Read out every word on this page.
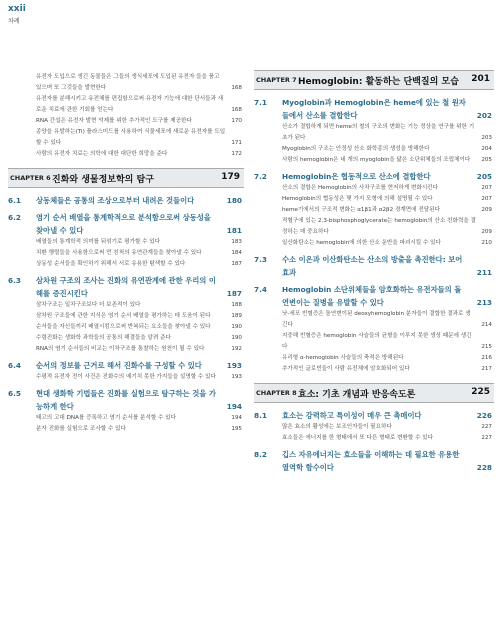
xxii
차례
유전자 도입으로 생긴 동물들은 그들의 생식세포에 도입된 유전자 들을 품고 있으며 또 그것들을 발현한다	168
유전자를 분해시키고 유전체를 편집함으로써 유전자 기능에 대한 단서들과 새로운 치료에 관한 기회를 얻는다	168
RNA 간섭은 유전자 발현 억제를 위한 추가적인 도구를 제공한다	170
종양을 유발하는(Ti) 플라스미드를 사용하여 식물세포에 새로운 유전자를 도입할 수 있다	171
사람의 유전자 치료는 의학에 대한 대단한 희망을 준다	172
CHAPTER 6 진화와 생물정보학의 탐구	179
6.1 상동체들은 공통의 조상으로부터 내려온 것들이다	180
6.2 염기 순서 배열을 통계학적으로 분석함으로써 상동성을 찾아낼 수 있다	181
배열들의 통계학적 의미를 뒤섞기로 평가할 수 있다	183
치환 행렬들을 사용함으로써 먼 친척의 유연관계들을 찾아낼 수 있다	184
상동성 순서들을 확인하기 위해서 서로 유용한 탐색할 수 있다	187
6.3 삼차원 구조의 조사는 진화의 유연관계에 관한 우리의 이해를 증진시킨다	187
삼차구조는 일차구조보다 더 보존적이 있다	188
삼차원 구조들에 관한 지식은 염기 순서 배열을 평가하는 데 도움이 된다	189
순서들을 자신들끼리 배열시킴으로써 반복되는 요소들을 찾아낼 수 있다	190
수렴진화는 생화학 과학들의 공통의 해결들을 알려 준다	190
RNA의 염기 순서들의 비교는 이차구조를 통찰하는 원천이 될 수 있다	192
6.4 순서의 정보를 근거로 해서 진화수를 구성할 수 있다	193
수평적 유전자 전이 사건은 진화수의 예기치 못한 가지들을 설명할 수 있다	193
6.5 현대 생화학 기법들은 진화를 실험으로 탐구하는 것을 가능하게 한다	194
태고의 고대 DNA를 증폭하고 염기 순서를 분석할 수 있다	194
분자 진화를 실험으로 조사할 수 있다	195
CHAPTER 7 Hemoglobin: 활동하는 단백질의 모습 201
7.1 Myoglobin과 Hemoglobin은 heme에 있는 철 원자들에서 산소를 결합한다	202
산소가 결합하게 되면 heme의 철의 구조의 변화는 기능 정상을 연구를 위한 기초가 된다	203
Myoglobin의 구조는 안정성 산소 화학종의 생성을 방해한다	204
사람의 hemoglobin은 네 개의 myoglobin을 닮은 소단위체들의 조립체이다 205
7.2 Hemoglobin은 협동적으로 산소에 결합한다	205
산소의 결합은 Hemoglobin의 사차구조를 현저하게 변화시킨다	207
Hemoglobin의 협동성은 몇 가지 모형에 의해 설명될 수 있다	207
heme기에서의 구조적 변화는 α1β1과 α2β2 경계면에 전달된다	209
적혈구에 있는 2,3-bisphosphoglycerate는 hemoglobin의 산소 친화력을 결정하는 데 중요하다	209
일산화탄소는 hemoglobin에 의한 산소 운반을 파괴시킬 수 있다	210
7.3 수소 이온과 이산화탄소는 산소의 방출을 촉진한다: 보어 효과	211
7.4 Hemoglobin 소단위체들을 암호화하는 유전자들의 돌연변이는 질병을 유발할 수 있다	213
낫-세포 빈혈증은 돌연변이된 deoxyhemoglobin 분자들이 결합한 결과로 생긴다	214
지중해 빈혈증은 hemoglobin 사슬들의 균형을 이루지 못한 생성 때문에 생긴다	215
유리형 α-hemoglobin 사슬들의 축적은 방해된다	216
추가적인 글로빈들이 사람 유전체에 암호화되어 있다	217
CHAPTER 8 효소: 기초 개념과 반응속도론	225
8.1 효소는 강력하고 특이성이 매우 큰 촉매이다	226
많은 효소의 활성에는 보조인자들이 필요하다	227
효소들은 에너지를 한 형태에서 또 다른 형태로 변환할 수 있다	227
8.2 깁스 자유에너지는 효소들을 이해하는 데 필요한 유용한 열역학 함수이다	228
